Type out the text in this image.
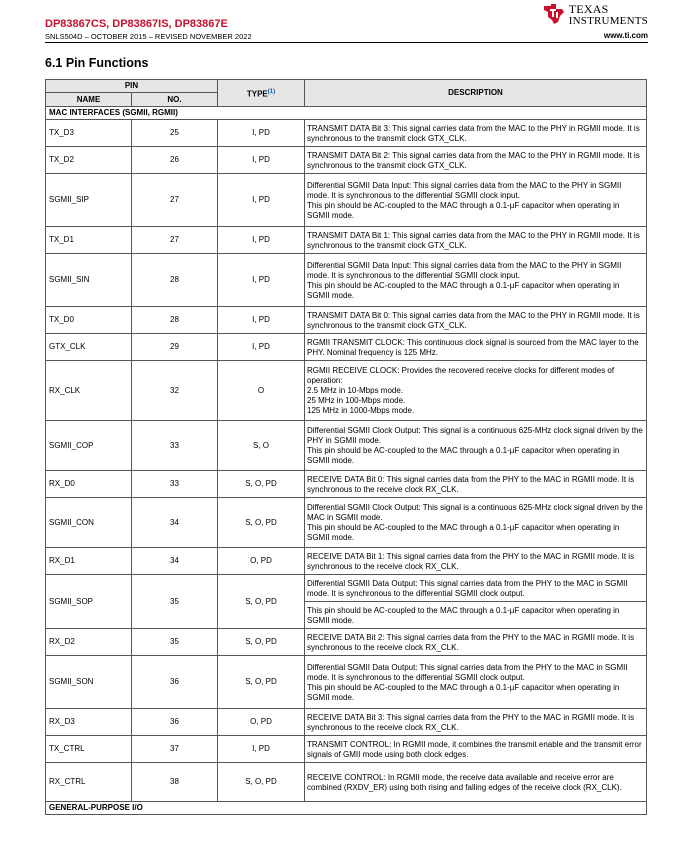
DP83867CS, DP83867IS, DP83867E
SNLS504D – OCTOBER 2015 – REVISED NOVEMBER 2022
TEXAS
INSTRUMENTS
www.ti.com
6.1 Pin Functions
PIN		TYPE$^{(1)}$	DESCRIPTION
NAME	NO.		
MAC INTERFACES (SGMII, RGMII)			
TX_D3	25	I, PD	TRANSMIT DATA Bit 3: This signal carries data from the MAC to the PHY in RGMII mode. It is synchronous to the transmit clock GTX_CLK.

TX_D2	26	I, PD	TRANSMIT DATA Bit 2: This signal carries data from the MAC to the PHY in RGMII mode. It is synchronous to the transmit clock GTX_CLK.

SGMII_SIP	27	I, PD	Differential SGMII Data Input: This signal carries data from the MAC to the PHY in SGMII mode. It is synchronous to the differential SGMII clock input.
This pin should be AC-coupled to the MAC through a 0.1-µF capacitor when operating in SGMII mode.

TX_D1	27	I, PD	TRANSMIT DATA Bit 1: This signal carries data from the MAC to the PHY in RGMII mode. It is synchronous to the transmit clock GTX_CLK.

SGMII_SIN	28	I, PD	Differential SGMII Data Input: This signal carries data from the MAC to the PHY in SGMII mode. It is synchronous to the differential SGMII clock input.
This pin should be AC-coupled to the MAC through a 0.1-µF capacitor when operating in SGMII mode.

TX_D0	28	I, PD	TRANSMIT DATA Bit 0: This signal carries data from the MAC to the PHY in RGMII mode. It is synchronous to the transmit clock GTX_CLK.

GTX_CLK	29	I, PD	RGMII TRANSMIT CLOCK: This continuous clock signal is sourced from the MAC layer to the PHY. Nominal frequency is 125 MHz.

RX_CLK	32	O	RGMII RECEIVE CLOCK: Provides the recovered receive clocks for different modes of operation:
2.5 MHz in 10-Mbps mode.
25 MHz in 100-Mbps mode.
125 MHz in 1000-Mbps mode.

SGMII_COP	33	S, O	Differential SGMII Clock Output: This signal is a continuous 625-MHz clock signal driven by the PHY in SGMII mode.
This pin should be AC-coupled to the MAC through a 0.1-µF capacitor when operating in SGMII mode.

RX_D0	33	S, O, PD	RECEIVE DATA Bit 0: This signal carries data from the PHY to the MAC in RGMII mode. It is synchronous to the receive clock RX_CLK.

SGMII_CON	34	S, O, PD	Differential SGMII Clock Output: This signal is a continuous 625-MHz clock signal driven by the MAC in SGMII mode.
This pin should be AC-coupled to the MAC through a 0.1-µF capacitor when operating in SGMII mode.

RX_D1	34	O, PD	RECEIVE DATA Bit 1: This signal carries data from the PHY to the MAC in RGMII mode. It is synchronous to the receive clock RX_CLK.

SGMII_SOP	35	S, O, PD	Differential SGMII Data Output: This signal carries data from the PHY to the MAC in SGMII mode. It is synchronous to the differential SGMII clock output.

			This pin should be AC-coupled to the MAC through a 0.1-µF capacitor when operating in SGMII mode.

RX_D2	35	S, O, PD	RECEIVE DATA Bit 2: This signal carries data from the PHY to the MAC in RGMII mode. It is synchronous to the receive clock RX_CLK.

SGMII_SON	36	S, O, PD	Differential SGMII Data Output: This signal carries data from the PHY to the MAC in SGMII mode. It is synchronous to the differential SGMII clock output.
This pin should be AC-coupled to the MAC through a 0.1-µF capacitor when operating in SGMII mode.

RX_D3	36	O, PD	RECEIVE DATA Bit 3: This signal carries data from the PHY to the MAC in RGMII mode. It is synchronous to the receive clock RX_CLK.

TX_CTRL	37	I, PD	TRANSMIT CONTROL: In RGMII mode, it combines the transmit enable and the transmit error signals of GMII mode using both clock edges.

RX_CTRL	38	S, O, PD	RECEIVE CONTROL: In RGMII mode, the receive data available and receive error are combined (RXDV_ER) using both rising and falling edges of the receive clock (RX_CLK).

GENERAL-PURPOSE I/O			
